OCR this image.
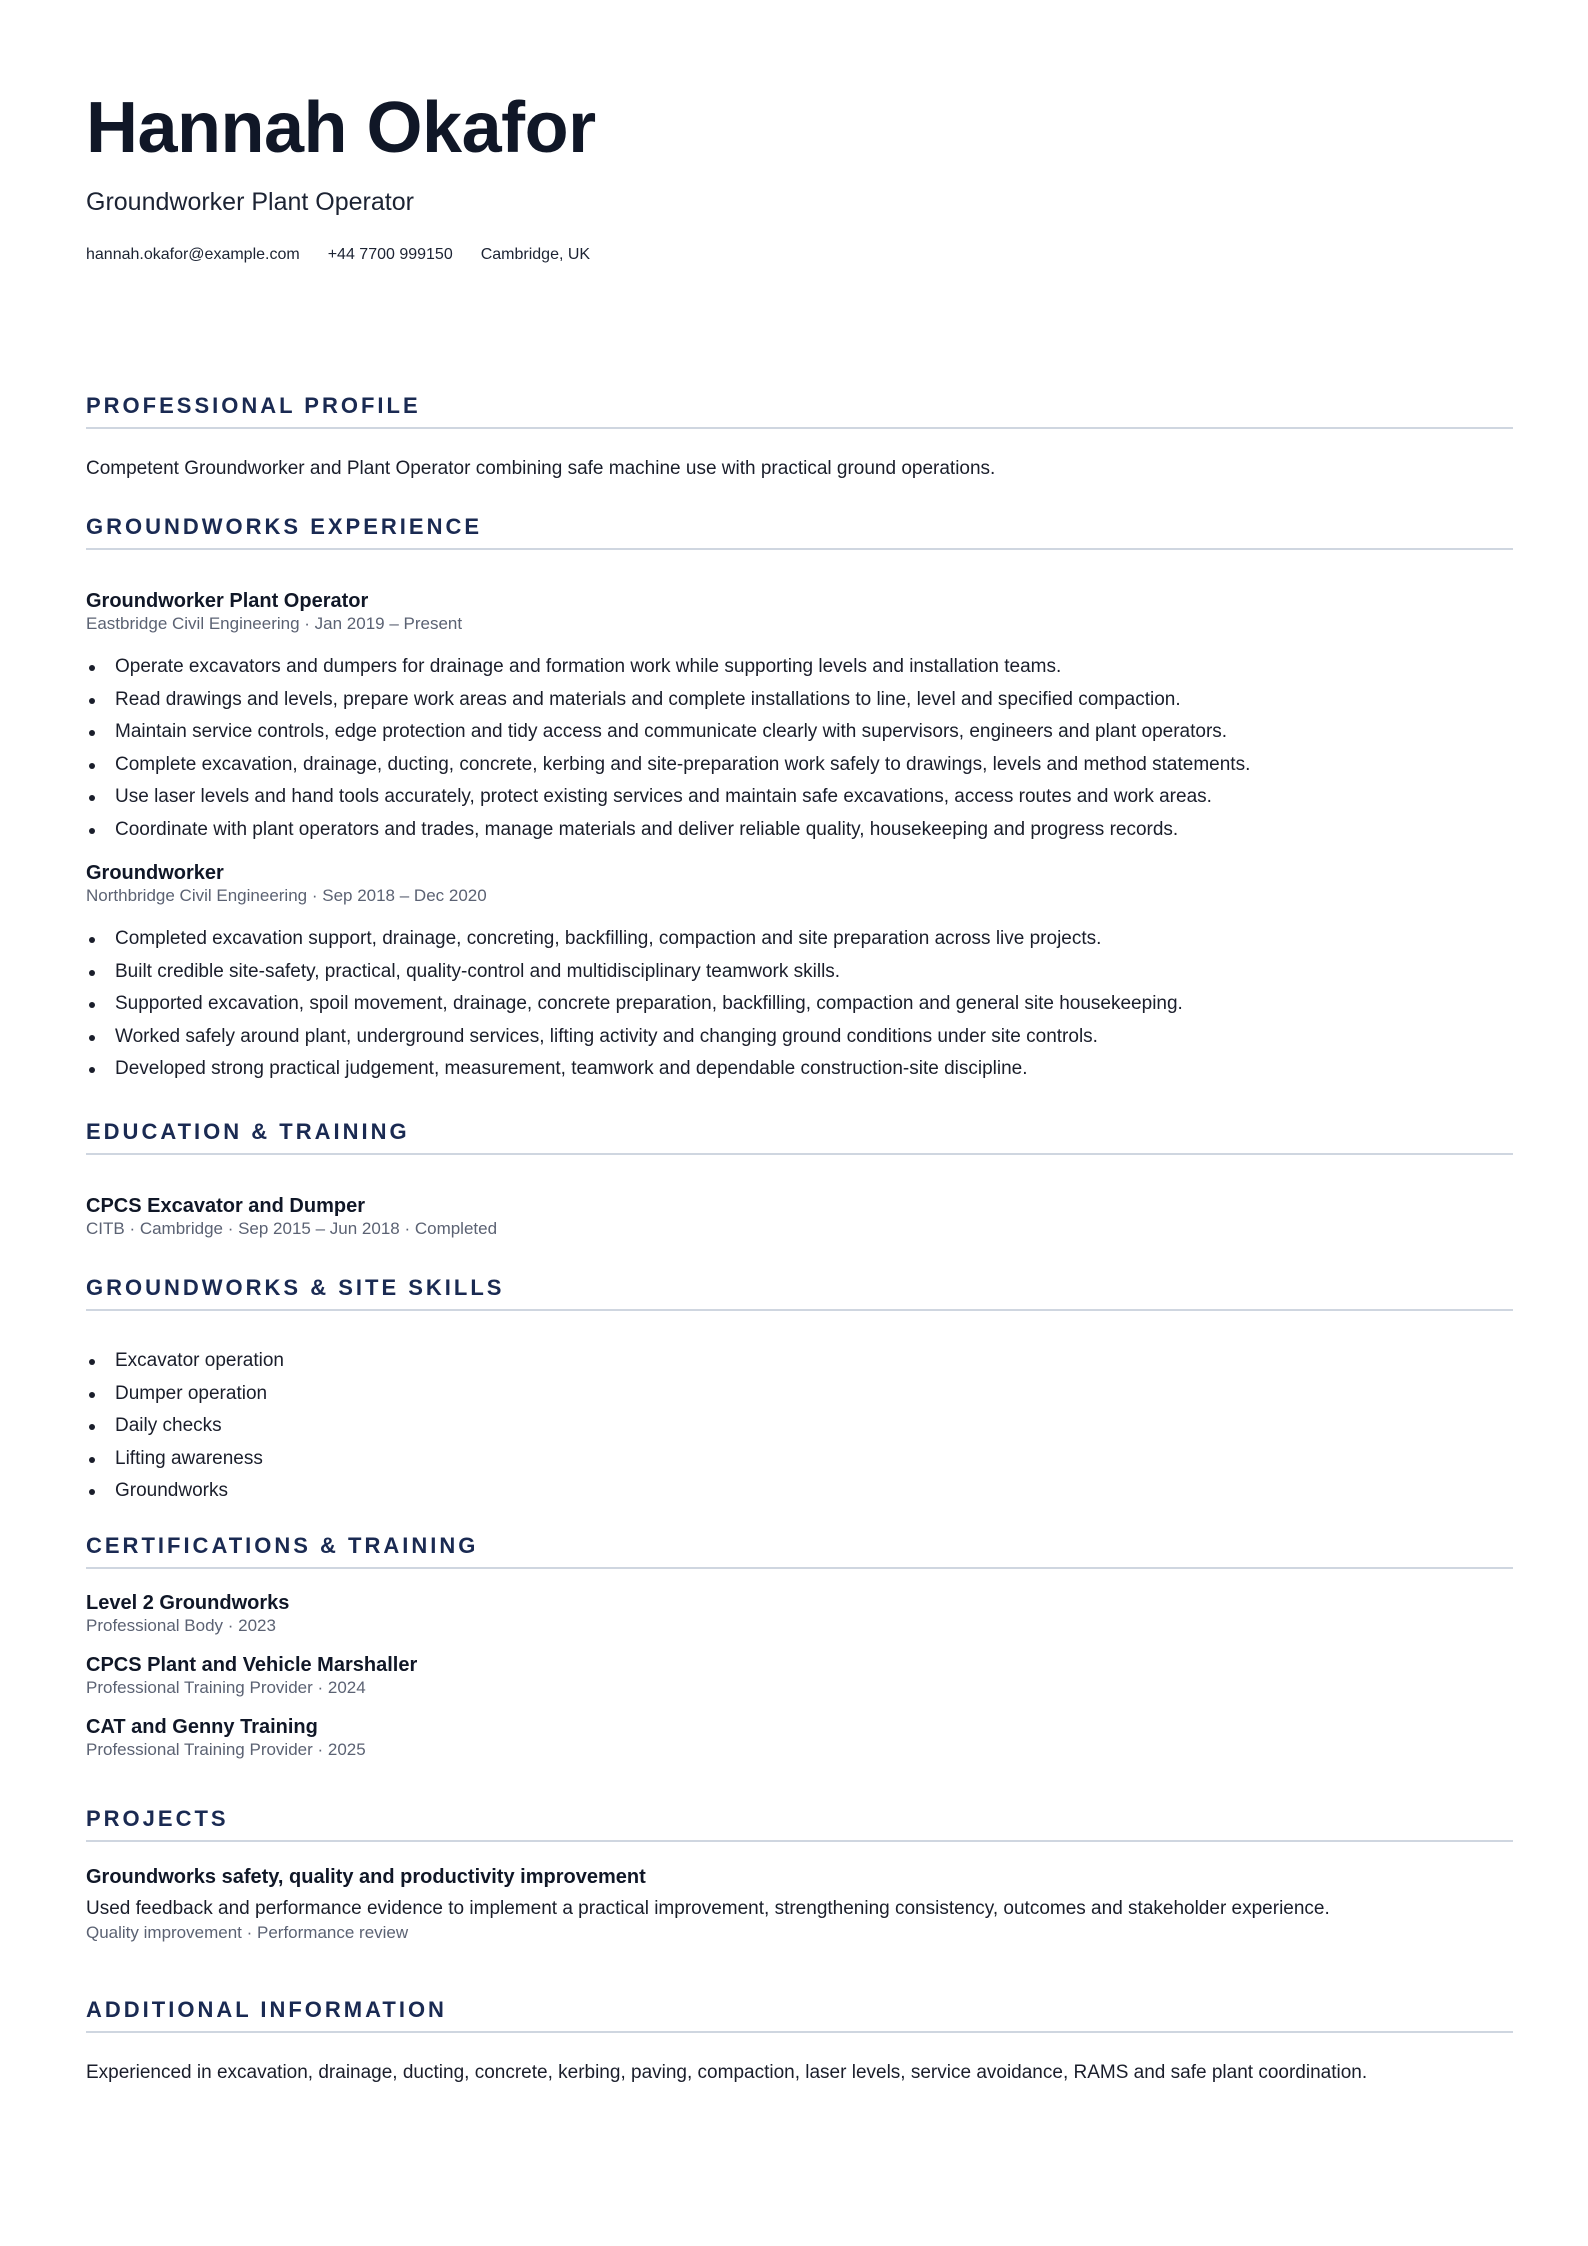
Hannah Okafor
Groundworker Plant Operator
hannah.okafor@example.com +44 7700 999150 Cambridge, UK
PROFESSIONAL PROFILE
Competent Groundworker and Plant Operator combining safe machine use with practical ground operations.
GROUNDWORKS EXPERIENCE
Groundworker Plant Operator
Eastbridge Civil Engineering · Jan 2019 – Present
Operate excavators and dumpers for drainage and formation work while supporting levels and installation teams.
Read drawings and levels, prepare work areas and materials and complete installations to line, level and specified compaction.
Maintain service controls, edge protection and tidy access and communicate clearly with supervisors, engineers and plant operators.
Complete excavation, drainage, ducting, concrete, kerbing and site-preparation work safely to drawings, levels and method statements.
Use laser levels and hand tools accurately, protect existing services and maintain safe excavations, access routes and work areas.
Coordinate with plant operators and trades, manage materials and deliver reliable quality, housekeeping and progress records.
Groundworker
Northbridge Civil Engineering · Sep 2018 – Dec 2020
Completed excavation support, drainage, concreting, backfilling, compaction and site preparation across live projects.
Built credible site-safety, practical, quality-control and multidisciplinary teamwork skills.
Supported excavation, spoil movement, drainage, concrete preparation, backfilling, compaction and general site housekeeping.
Worked safely around plant, underground services, lifting activity and changing ground conditions under site controls.
Developed strong practical judgement, measurement, teamwork and dependable construction-site discipline.
EDUCATION & TRAINING
CPCS Excavator and Dumper
CITB · Cambridge · Sep 2015 – Jun 2018 · Completed
GROUNDWORKS & SITE SKILLS
Excavator operation
Dumper operation
Daily checks
Lifting awareness
Groundworks
CERTIFICATIONS & TRAINING
Level 2 Groundworks
Professional Body · 2023
CPCS Plant and Vehicle Marshaller
Professional Training Provider · 2024
CAT and Genny Training
Professional Training Provider · 2025
PROJECTS
Groundworks safety, quality and productivity improvement
Used feedback and performance evidence to implement a practical improvement, strengthening consistency, outcomes and stakeholder experience.
Quality improvement · Performance review
ADDITIONAL INFORMATION
Experienced in excavation, drainage, ducting, concrete, kerbing, paving, compaction, laser levels, service avoidance, RAMS and safe plant coordination.
